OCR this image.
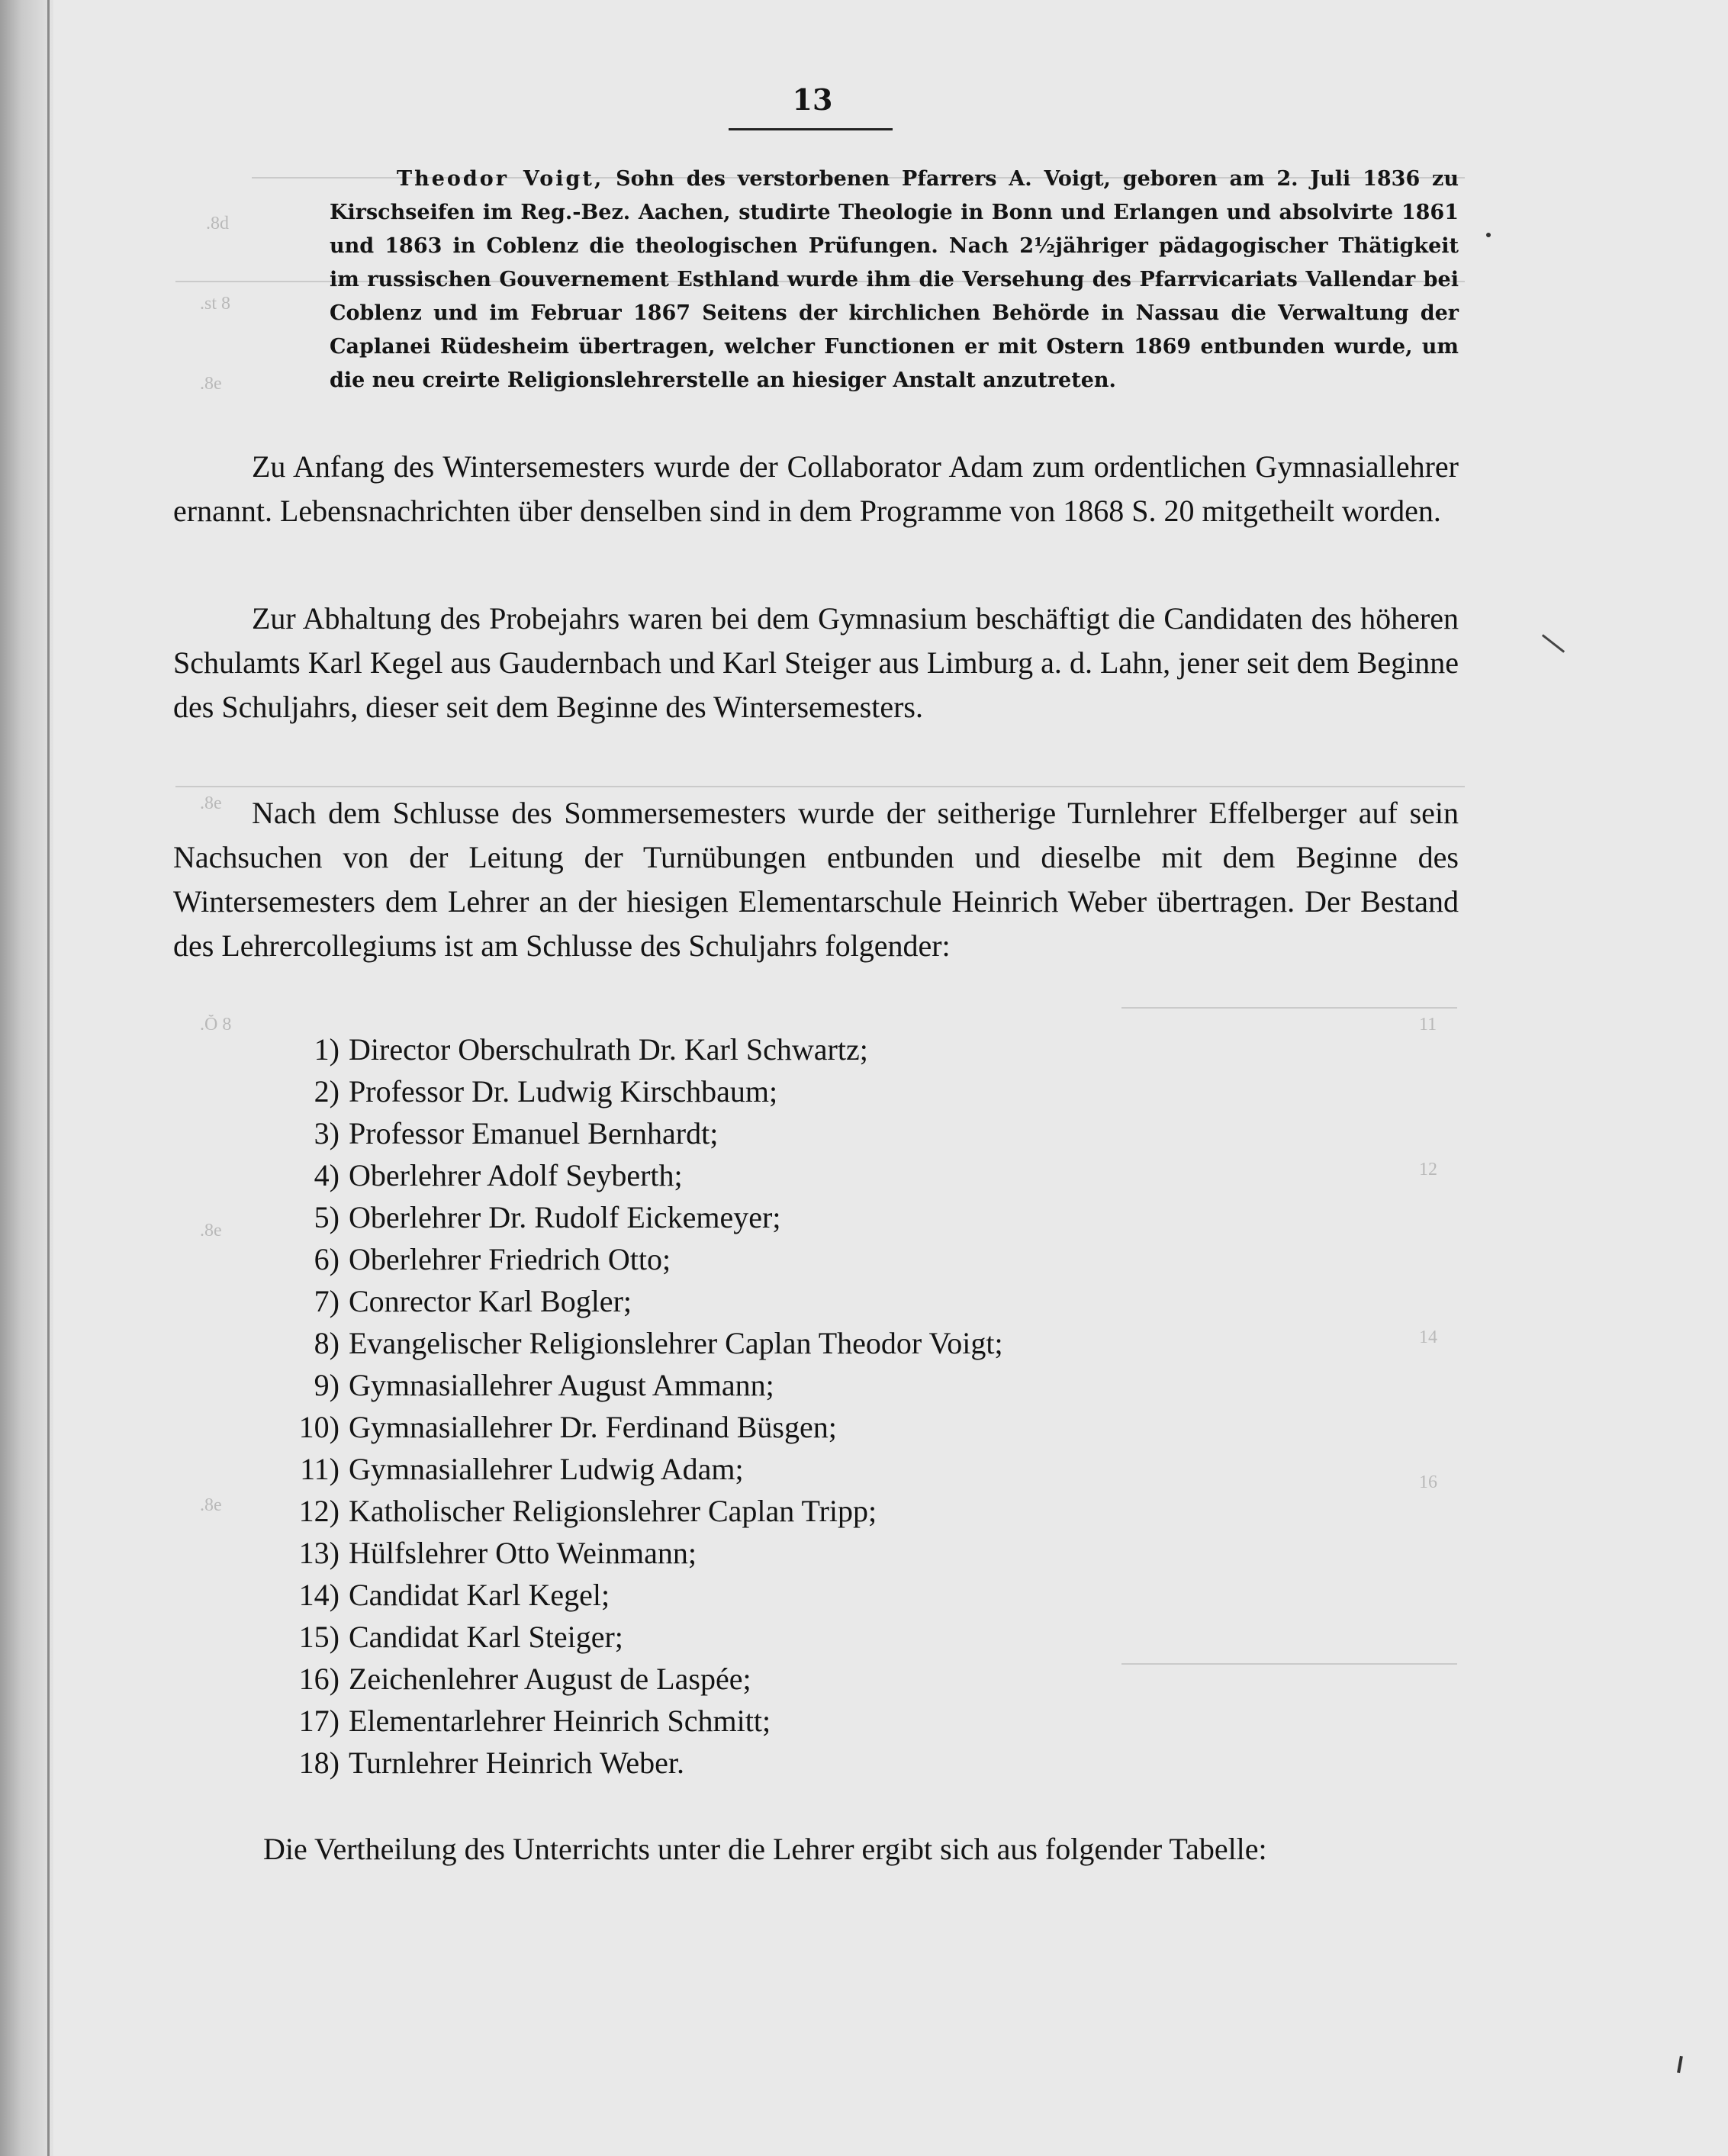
.8d
.st 8
.8e
.8e
.Ŏ 8
.8e
.8e
11
12
14
16
13

Theodor Voigt, Sohn des verstorbenen Pfarrers A. Voigt, geboren am 2. Juli 1836 zu Kirschseifen im Reg.-Bez. Aachen, studirte Theologie in Bonn und Erlangen und absolvirte 1861 und 1863 in Coblenz die theologischen Prüfungen. Nach 2½jähriger pädagogischer Thätigkeit im russischen Gouvernement Esthland wurde ihm die Versehung des Pfarrvicariats Vallendar bei Coblenz und im Februar 1867 Seitens der kirchlichen Behörde in Nassau die Verwaltung der Caplanei Rüdesheim übertragen, welcher Functionen er mit Ostern 1869 entbunden wurde, um die neu creirte Religionslehrerstelle an hiesiger Anstalt anzutreten.

Zu Anfang des Wintersemesters wurde der Collaborator Adam zum ordentlichen Gymnasiallehrer ernannt. Lebensnachrichten über denselben sind in dem Programme von 1868 S. 20 mitgetheilt worden.

Zur Abhaltung des Probejahrs waren bei dem Gymnasium beschäftigt die Candidaten des höheren Schulamts Karl Kegel aus Gaudernbach und Karl Steiger aus Limburg a. d. Lahn, jener seit dem Beginne des Schuljahrs, dieser seit dem Beginne des Wintersemesters.

Nach dem Schlusse des Sommersemesters wurde der seitherige Turnlehrer Effelberger auf sein Nachsuchen von der Leitung der Turnübungen entbunden und dieselbe mit dem Beginne des Wintersemesters dem Lehrer an der hiesigen Elementarschule Heinrich Weber übertragen. Der Bestand des Lehrercollegiums ist am Schlusse des Schuljahrs folgender:

1) Director Oberschulrath Dr. Karl Schwartz;
2) Professor Dr. Ludwig Kirschbaum;
3) Professor Emanuel Bernhardt;
4) Oberlehrer Adolf Seyberth;
5) Oberlehrer Dr. Rudolf Eickemeyer;
6) Oberlehrer Friedrich Otto;
7) Conrector Karl Bogler;
8) Evangelischer Religionslehrer Caplan Theodor Voigt;
9) Gymnasiallehrer August Ammann;
10) Gymnasiallehrer Dr. Ferdinand Büsgen;
11) Gymnasiallehrer Ludwig Adam;
12) Katholischer Religionslehrer Caplan Tripp;
13) Hülfslehrer Otto Weinmann;
14) Candidat Karl Kegel;
15) Candidat Karl Steiger;
16) Zeichenlehrer August de Laspée;
17) Elementarlehrer Heinrich Schmitt;
18) Turnlehrer Heinrich Weber.
Die Vertheilung des Unterrichts unter die Lehrer ergibt sich aus folgender Tabelle:
